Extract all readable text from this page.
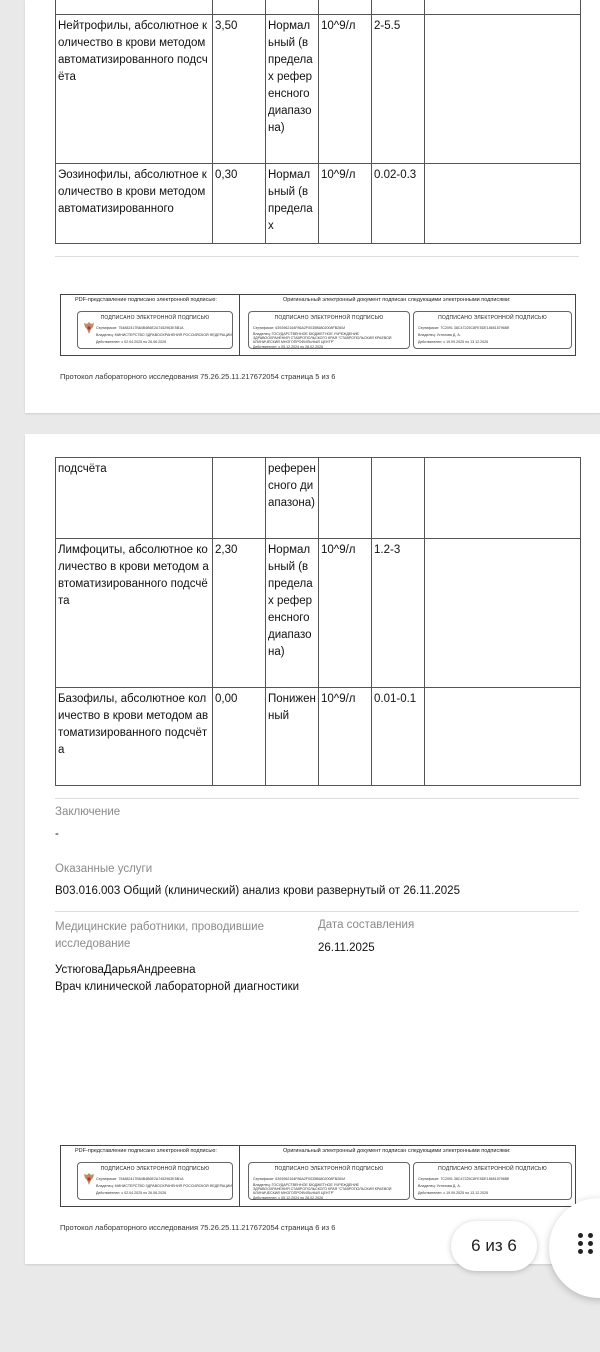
Нейтрофилы, абсолютное количество в крови методом автоматизированного подсчёта	3,50	Нормальный (в пределах референсного диапазона)	10^9/л	2-5.5	
Эозинофилы, абсолютное количество в крови методом автоматизированного	0,30	Нормальный (в пределах	10^9/л	0.02-0.3	
PDF-представление подписано электронной подписью:
ПОДПИСАНО ЭЛЕКТРОННОЙ ПОДПИСЬЮ
Сертификат: 754882417B84B4B6E2A7452963E5B1A
Владелец: МИНИСТЕРСТВО ЗДРАВООХРАНЕНИЯ РОССИЙСКОЙ ФЕДЕРАЦИИ
Действителен: с 02.04.2025 по 26.06.2026
Оригинальный электронный документ подписан следующими электронными подписями:
ПОДПИСАНО ЭЛЕКТРОННОЙ ПОДПИСЬЮ
Сертификат: 6393962164F86A2F0035B6802008FB260A
Владелец: ГОСУДАРСТВЕННОЕ БЮДЖЕТНОЕ УЧРЕЖДЕНИЕ
ЗДРАВООХРАНЕНИЯ СТАВРОПОЛЬСКОГО КРАЯ "СТАВРОПОЛЬСКИЙ КРАЕВОЙ
КЛИНИЧЕСКИЙ МНОГОПРОФИЛЬНЫЙ ЦЕНТР"
Действителен: с 05.12.2024 по 28.02.2026
ПОДПИСАНО ЭЛЕКТРОННОЙ ПОДПИСЬЮ
Сертификат: 7C2091 38C47225C8FE5DE186515796BB
Владелец: Устюгова Д. А.
Действителен: с 19.09.2025 по 13.12.2026
Протокол лабораторного исследования 75.26.25.11.217672054 страница 5 из 6
подсчёта		референсного диапазона)			
Лимфоциты, абсолютное количество в крови методом автоматизированного подсчёта	2,30	Нормальный (в пределах референсного диапазона)	10^9/л	1.2-3	
Базофилы, абсолютное количество в крови методом автоматизированного подсчёта	0,00	Пониженный	10^9/л	0.01-0.1	
Заключение
-
Оказанные услуги
В03.016.003 Общий (клинический) анализ крови развернутый от 26.11.2025
Медицинские работники, проводившие исследование
Дата составления
26.11.2025
УстюговаДарьяАндреевна
Врач клинической лабораторной диагностики
PDF-представление подписано электронной подписью:
ПОДПИСАНО ЭЛЕКТРОННОЙ ПОДПИСЬЮ
Сертификат: 754882417B84B4B6E2A7452963E5B1A
Владелец: МИНИСТЕРСТВО ЗДРАВООХРАНЕНИЯ РОССИЙСКОЙ ФЕДЕРАЦИИ
Действителен: с 02.04.2025 по 26.06.2026
Оригинальный электронный документ подписан следующими электронными подписями:
ПОДПИСАНО ЭЛЕКТРОННОЙ ПОДПИСЬЮ
Сертификат: 6393962164F86A2F0035B6802008FB260A
Владелец: ГОСУДАРСТВЕННОЕ БЮДЖЕТНОЕ УЧРЕЖДЕНИЕ
ЗДРАВООХРАНЕНИЯ СТАВРОПОЛЬСКОГО КРАЯ "СТАВРОПОЛЬСКИЙ КРАЕВОЙ
КЛИНИЧЕСКИЙ МНОГОПРОФИЛЬНЫЙ ЦЕНТР"
Действителен: с 05.12.2024 по 28.02.2026
ПОДПИСАНО ЭЛЕКТРОННОЙ ПОДПИСЬЮ
Сертификат: 7C2091 38C47225C8FE5DE186515796BB
Владелец: Устюгова Д. А.
Действителен: с 19.09.2025 по 13.12.2026
Протокол лабораторного исследования 75.26.25.11.217672054 страница 6 из 6
6 из 6
